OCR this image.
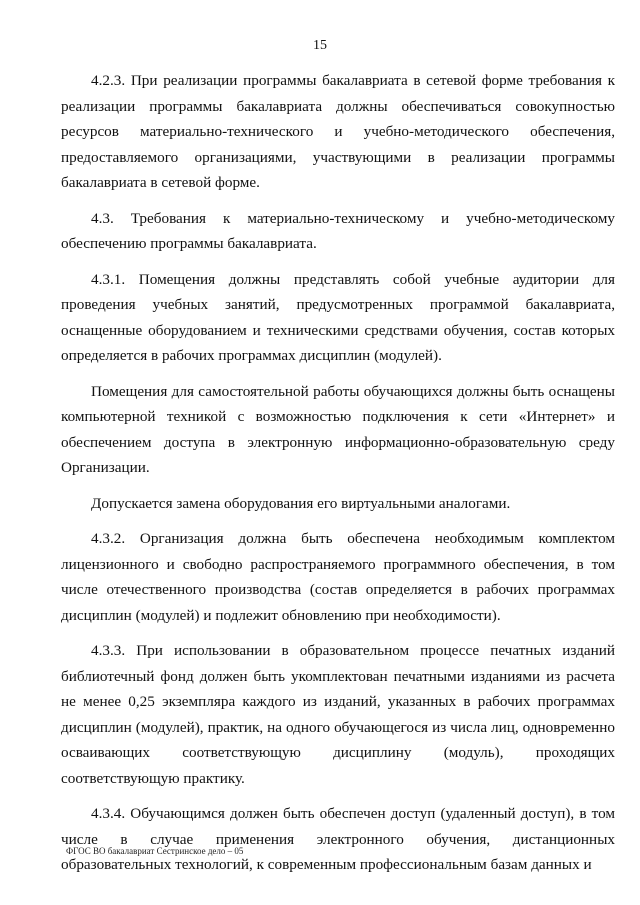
15

4.2.3. При реализации программы бакалавриата в сетевой форме требования к реализации программы бакалавриата должны обеспечиваться совокупностью ресурсов материально-технического и учебно-методического обеспечения, предоставляемого организациями, участвующими в реализации программы бакалавриата в сетевой форме.

4.3. Требования к материально-техническому и учебно-методическому обеспечению программы бакалавриата.

4.3.1. Помещения должны представлять собой учебные аудитории для проведения учебных занятий, предусмотренных программой бакалавриата, оснащенные оборудованием и техническими средствами обучения, состав которых определяется в рабочих программах дисциплин (модулей).

Помещения для самостоятельной работы обучающихся должны быть оснащены компьютерной техникой с возможностью подключения к сети «Интернет» и обеспечением доступа в электронную информационно-образовательную среду Организации.

Допускается замена оборудования его виртуальными аналогами.

4.3.2. Организация должна быть обеспечена необходимым комплектом лицензионного и свободно распространяемого программного обеспечения, в том числе отечественного производства (состав определяется в рабочих программах дисциплин (модулей) и подлежит обновлению при необходимости).

4.3.3. При использовании в образовательном процессе печатных изданий библиотечный фонд должен быть укомплектован печатными изданиями из расчета не менее 0,25 экземпляра каждого из изданий, указанных в рабочих программах дисциплин (модулей), практик, на одного обучающегося из числа лиц, одновременно осваивающих соответствующую дисциплину (модуль), проходящих соответствующую практику.

4.3.4. Обучающимся должен быть обеспечен доступ (удаленный доступ), в том числе в случае применения электронного обучения, дистанционных образовательных технологий, к современным профессиональным базам данных и

ФГОС ВО бакалавриат Сестринское дело – 05
